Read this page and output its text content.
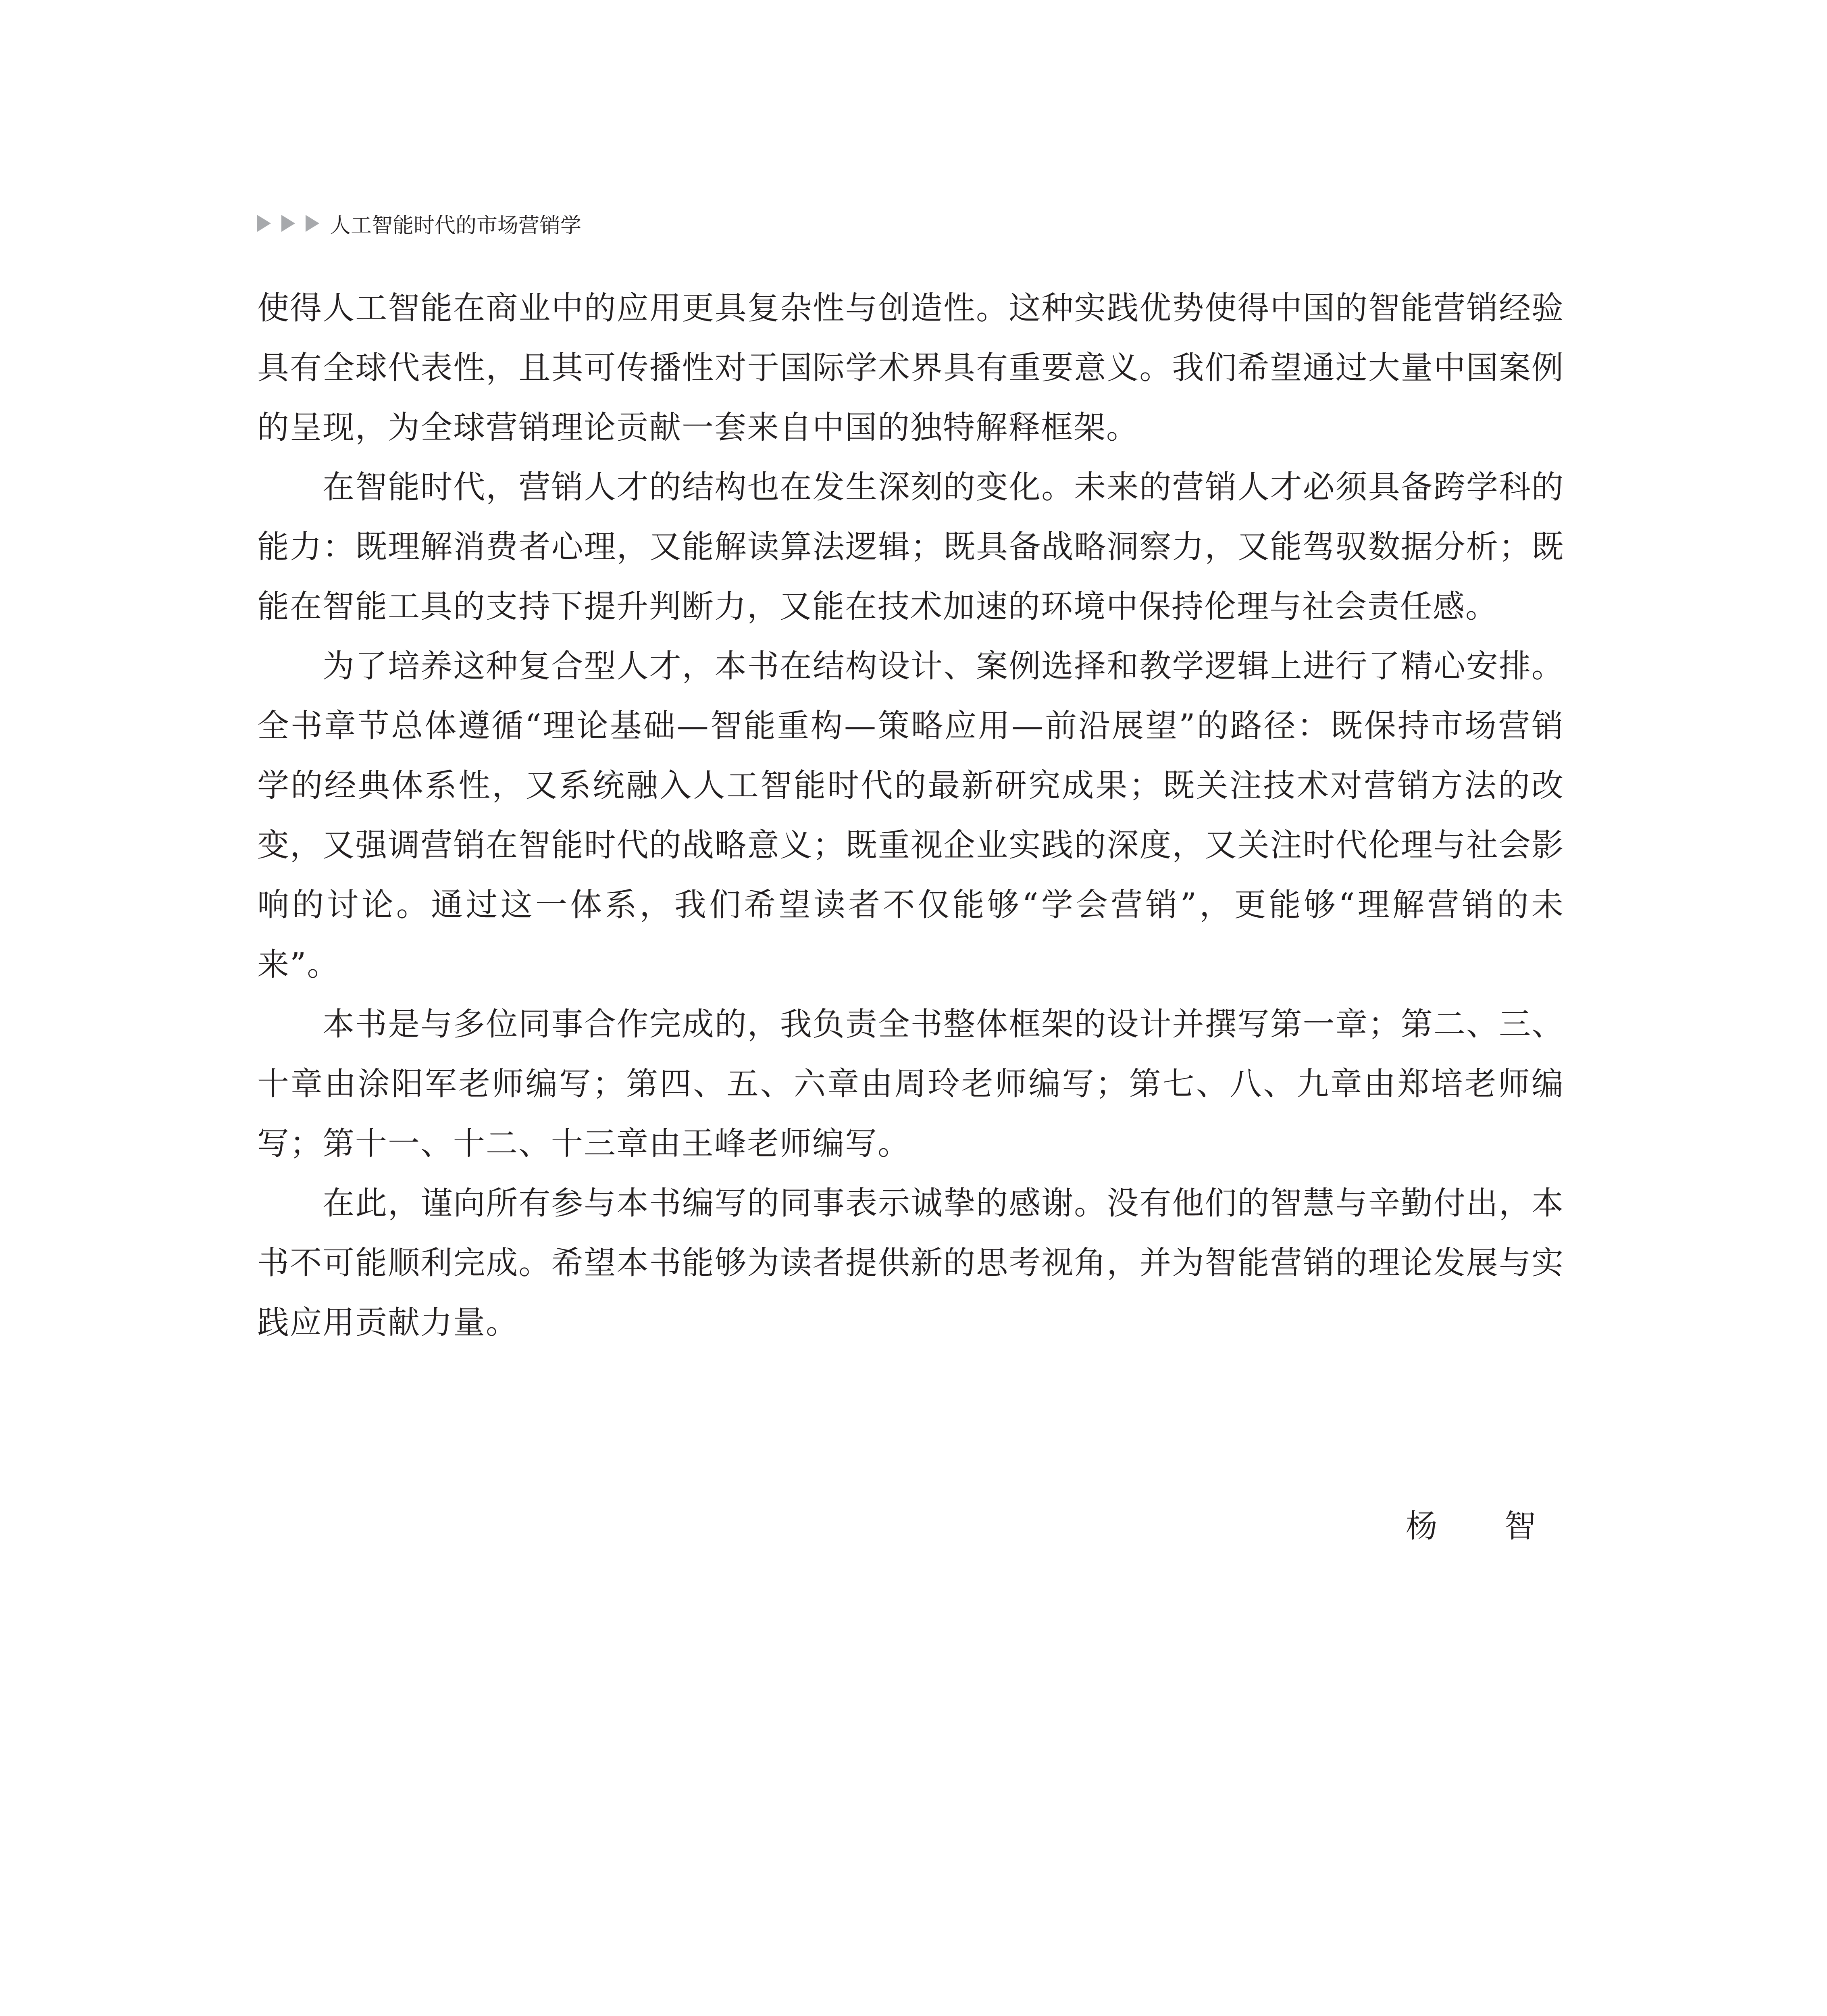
人工智能时代的市场营销学

使得人工智能在商业中的应用更具复杂性与创造性。这种实践优势使得中国的智能营销经验具有全球代表性，且其可传播性对于国际学术界具有重要意义。我们希望通过大量中国案例的呈现，为全球营销理论贡献一套来自中国的独特解释框架。

在智能时代，营销人才的结构也在发生深刻的变化。未来的营销人才必须具备跨学科的能力：既理解消费者心理，又能解读算法逻辑；既具备战略洞察力，又能驾驭数据分析；既能在智能工具的支持下提升判断力，又能在技术加速的环境中保持伦理与社会责任感。

为了培养这种复合型人才，本书在结构设计、案例选择和教学逻辑上进行了精心安排。全书章节总体遵循“理论基础—智能重构—策略应用—前沿展望”的路径：既保持市场营销学的经典体系性，又系统融入人工智能时代的最新研究成果；既关注技术对营销方法的改变，又强调营销在智能时代的战略意义；既重视企业实践的深度，又关注时代伦理与社会影响的讨论。通过这一体系，我们希望读者不仅能够“学会营销”，更能够“理解营销的未来”。

本书是与多位同事合作完成的，我负责全书整体框架的设计并撰写第一章；第二、三、十章由涂阳军老师编写；第四、五、六章由周玲老师编写；第七、八、九章由郑培老师编写；第十一、十二、十三章由王峰老师编写。

在此，谨向所有参与本书编写的同事表示诚挚的感谢。没有他们的智慧与辛勤付出，本书不可能顺利完成。希望本书能够为读者提供新的思考视角，并为智能营销的理论发展与实践应用贡献力量。

杨 智
